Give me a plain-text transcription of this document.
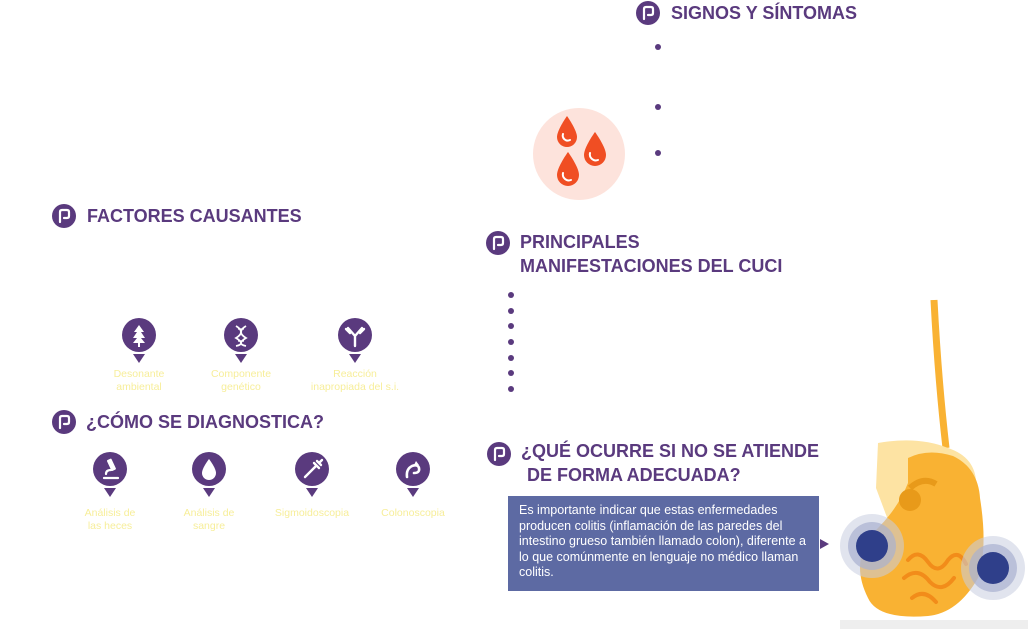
SIGNOS Y SÍNTOMAS
FACTORES CAUSANTES
Desonante
ambiental
Componente
genético
Reacción
inapropiada del s.i.
PRINCIPALES
MANIFESTACIONES DEL CUCI
¿CÓMO SE DIAGNOSTICA?
Análisis de
las heces
Análisis de
sangre
Sigmoidoscopia	Colonoscopia
¿QUÉ OCURRE SI NO SE ATIENDE
DE FORMA ADECUADA?
Es importante indicar que estas enfermedades producen colitis (inflamación de las paredes del intestino grueso también llamado colon), diferente a lo que comúnmente en lenguaje no médico llaman colitis.
